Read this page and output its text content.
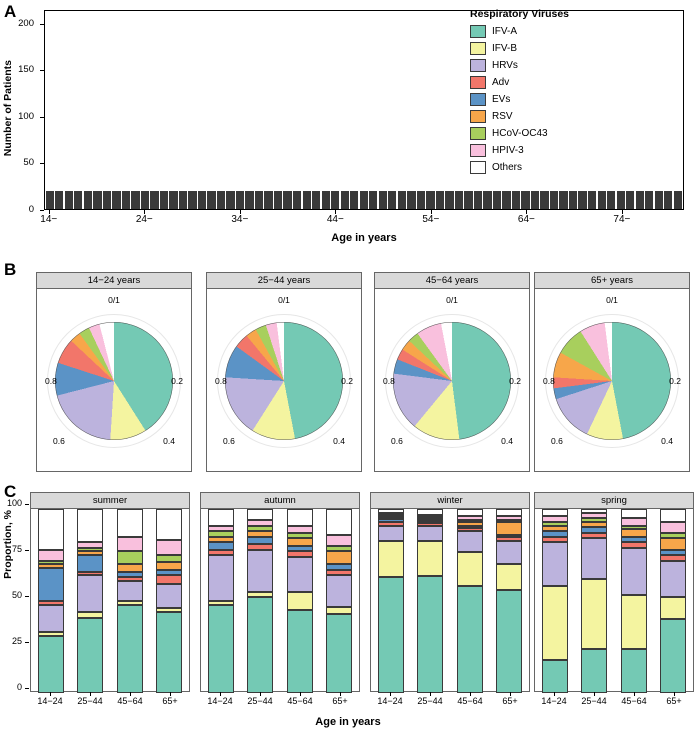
A
Number of Patients
0
50
100
150
200
14−	24−	34−	44−	54−	64−	74−
Age in years
Respiratory Viruses
IFV-A
IFV-B
HRVs
Adv
EVs
RSV
HCoV-OC43
HPIV-3
Others
B
14−24 years
0/1
0.2
0.4
0.6
0.8
25−44 years
0/1
0.2
0.4
0.6
0.8
45−64 years
0/1
0.2
0.4
0.6
0.8
65+ years
0/1
0.2
0.4
0.6
0.8
C	summer
14−24	25−44	45−64	65+
autumn
14−24	25−44	45−64	65+
winter
14−24	25−44	45−64	65+
spring
14−24	25−44	45−64	65+
0
25
50
75
100
Age in years
Proportion, %
